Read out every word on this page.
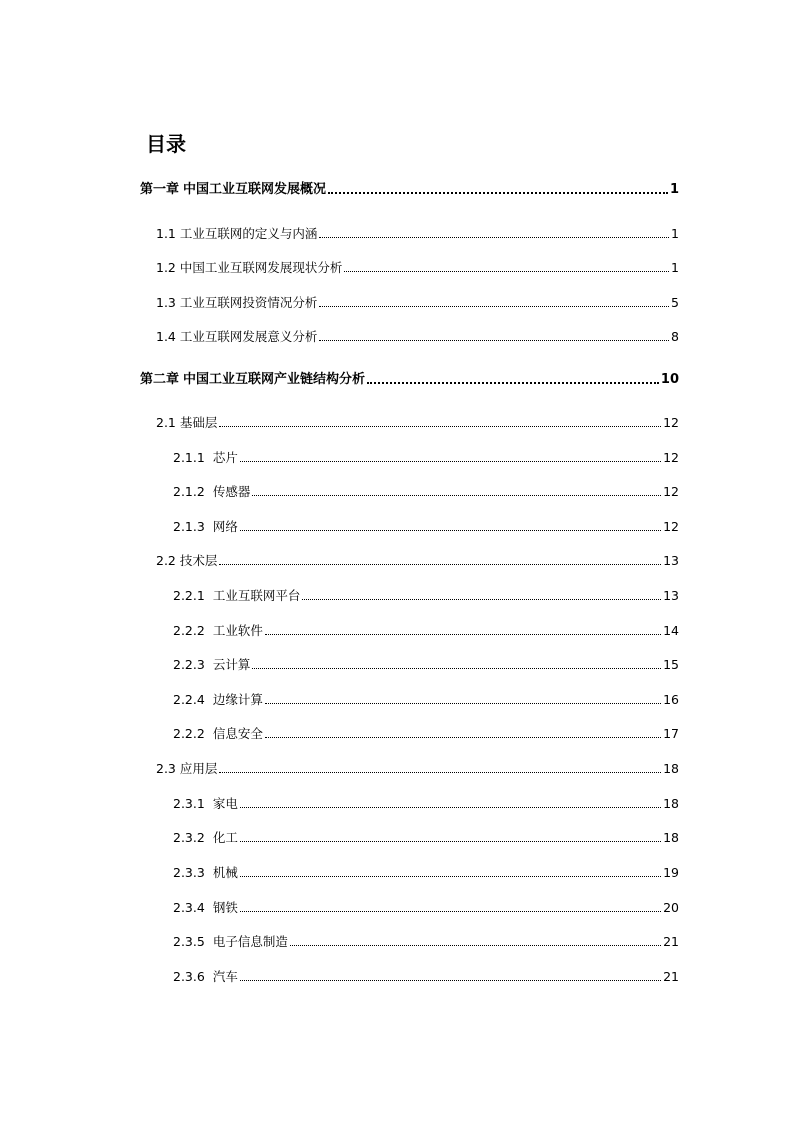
目录
第一章 中国工业互联网发展概况	1
1.1 工业互联网的定义与内涵	1
1.2 中国工业互联网发展现状分析	1
1.3 工业互联网投资情况分析	5
1.4 工业互联网发展意义分析	8
第二章 中国工业互联网产业链结构分析	10
2.1 基础层	12
2.1.1 芯片	12
2.1.2 传感器	12
2.1.3 网络	12
2.2 技术层	13
2.2.1 工业互联网平台	13
2.2.2 工业软件	14
2.2.3 云计算	15
2.2.4 边缘计算	16
2.2.2 信息安全	17
2.3 应用层	18
2.3.1 家电	18
2.3.2 化工	18
2.3.3 机械	19
2.3.4 钢铁	20
2.3.5 电子信息制造	21
2.3.6 汽车	21
